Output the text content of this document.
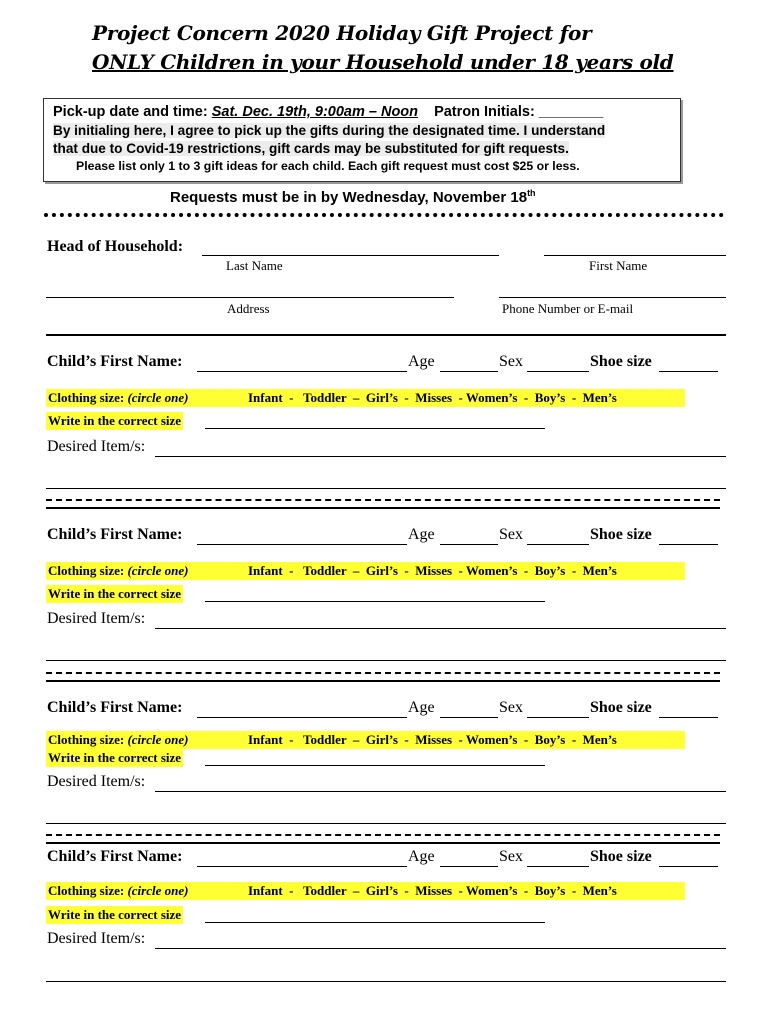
Project Concern 2020 Holiday Gift Project for
ONLY Children in your Household under 18 years old
Pick-up date and time: Sat. Dec. 19th, 9:00am – Noon Patron Initials: ________
By initialing here, I agree to pick up the gifts during the designated time. I understand
that due to Covid-19 restrictions, gift cards may be substituted for gift requests.
Please list only 1 to 3 gift ideas for each child. Each gift request must cost $25 or less.
Requests must be in by Wednesday, November 18th
Head of Household:
Last Name	First Name
Address	Phone Number or E-mail
Child’s First Name:	Age	Sex	Shoe size
Clothing size: (circle one)	Infant  -   Toddler  –  Girl’s  -  Misses  - Women’s  -  Boy’s  -  Men’s
Write in the correct size
Desired Item/s:
Child’s First Name:	Age	Sex	Shoe size
Clothing size: (circle one)	Infant  -   Toddler  –  Girl’s  -  Misses  - Women’s  -  Boy’s  -  Men’s
Write in the correct size
Desired Item/s:
Child’s First Name:	Age	Sex	Shoe size
Clothing size: (circle one)	Infant  -   Toddler  –  Girl’s  -  Misses  - Women’s  -  Boy’s  -  Men’s
Write in the correct size
Desired Item/s:
Child’s First Name:	Age	Sex	Shoe size
Clothing size: (circle one)	Infant  -   Toddler  –  Girl’s  -  Misses  - Women’s  -  Boy’s  -  Men’s
Write in the correct size
Desired Item/s:
